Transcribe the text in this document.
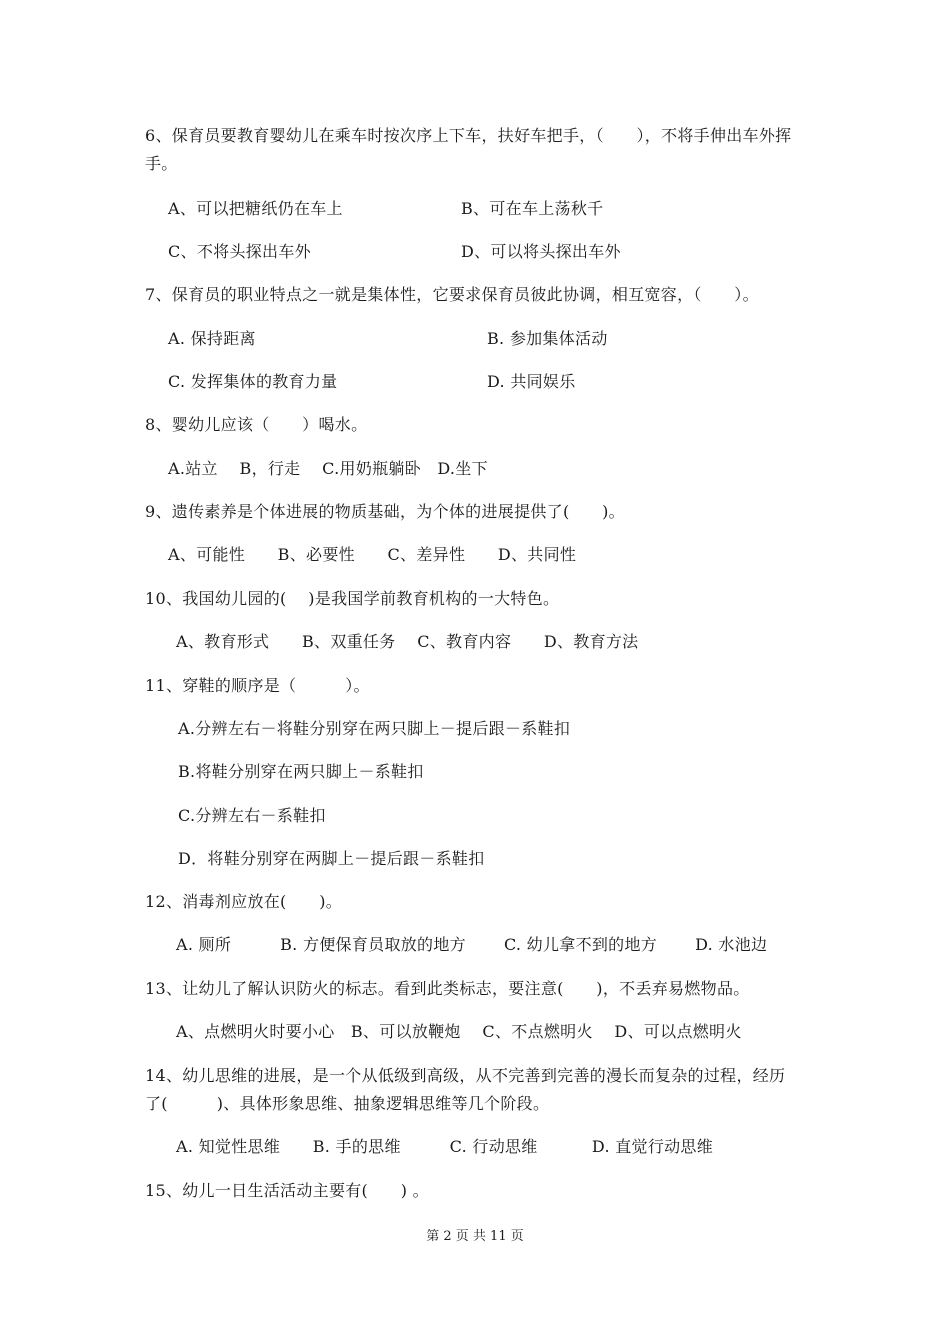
6、保育员要教育婴幼儿在乘车时按次序上下车，扶好车把手，（　　），不将手伸出车外挥
手。
A、可以把糖纸仍在车上	B、可在车上荡秋千
C、不将头探出车外	D、可以将头探出车外
7、保育员的职业特点之一就是集体性，它要求保育员彼此协调，相互宽容，（　　）。
A. 保持距离	B. 参加集体活动
C. 发挥集体的教育力量	D. 共同娱乐
8、婴幼儿应该（　　）喝水。
A.站立　 B，行走　 C.用奶瓶躺卧　D.坐下
9、遗传素养是个体进展的物质基础，为个体的进展提供了(　　)。
A、可能性　　B、必要性　　C、差异性　　D、共同性
10、我国幼儿园的(　 )是我国学前教育机构的一大特色。
A、教育形式　　B、双重任务　 C、教育内容　　D、教育方法
11、穿鞋的顺序是（　　　）。
A.分辨左右－将鞋分别穿在两只脚上－提后跟－系鞋扣
B.将鞋分别穿在两只脚上－系鞋扣
C.分辨左右－系鞋扣
D．将鞋分别穿在两脚上－提后跟－系鞋扣
12、消毒剂应放在(　　)。
A. 厕所　　　B. 方便保育员取放的地方　　 C. 幼儿拿不到的地方　　 D. 水池边
13、让幼儿了解认识防火的标志。看到此类标志，要注意(　　)，不丢弃易燃物品。
A、点燃明火时要小心　B、可以放鞭炮　 C、不点燃明火　 D、可以点燃明火
14、幼儿思维的进展，是一个从低级到高级，从不完善到完善的漫长而复杂的过程，经历
了(　　　)、具体形象思维、抽象逻辑思维等几个阶段。
A. 知觉性思维　　B. 手的思维　　　C. 行动思维　　　 D. 直觉行动思维
15、幼儿一日生活活动主要有(　　) 。
第 2 页 共 11 页
